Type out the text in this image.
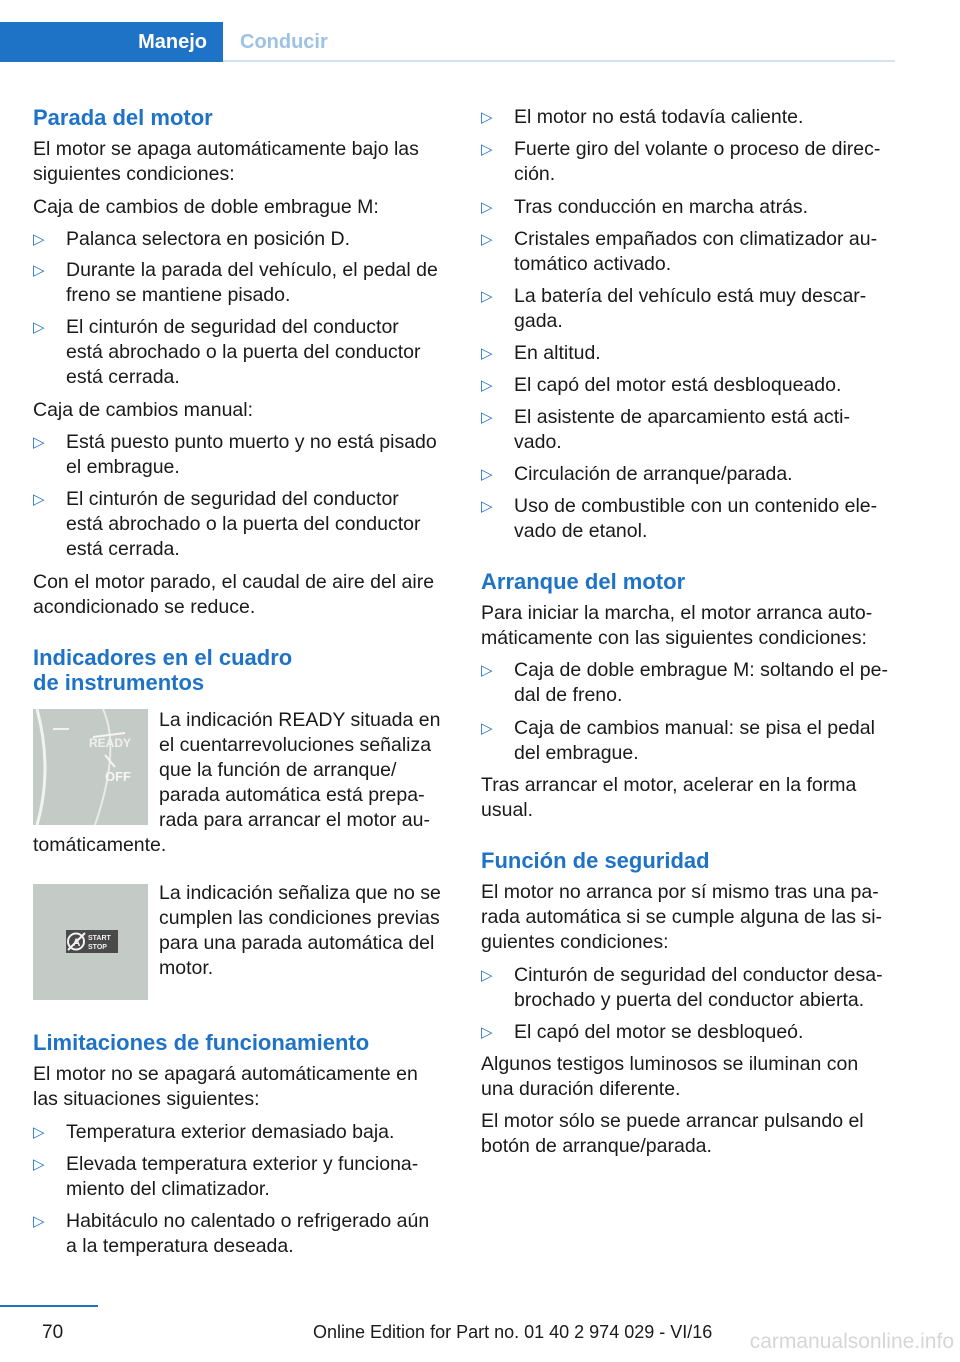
Manejo Conducir
Parada del motor
El motor se apaga automáticamente bajo las
siguientes condiciones:
Caja de cambios de doble embrague M:
▷ Palanca selectora en posición D.
▷ Durante la parada del vehículo, el pedal de
freno se mantiene pisado.
▷ El cinturón de seguridad del conductor
está abrochado o la puerta del conductor
está cerrada.
Caja de cambios manual:
▷ Está puesto punto muerto y no está pisado
el embrague.
▷ El cinturón de seguridad del conductor
está abrochado o la puerta del conductor
está cerrada.
Con el motor parado, el caudal de aire del aire
acondicionado se reduce.
Indicadores en el cuadro
de instrumentos
READY
OFF
La indicación READY situada en
el cuentarrevoluciones señaliza
que la función de arranque/
parada automática está prepa‐
rada para arrancar el motor au‐
tomáticamente.
A START
STOP
La indicación señaliza que no se
cumplen las condiciones previas
para una parada automática del
motor.
Limitaciones de funcionamiento
El motor no se apagará automáticamente en
las situaciones siguientes:
▷ Temperatura exterior demasiado baja.
▷ Elevada temperatura exterior y funciona‐
miento del climatizador.
▷ Habitáculo no calentado o refrigerado aún
a la temperatura deseada.
▷ El motor no está todavía caliente.
▷ Fuerte giro del volante o proceso de direc‐
ción.
▷ Tras conducción en marcha atrás.
▷ Cristales empañados con climatizador au‐
tomático activado.
▷ La batería del vehículo está muy descar‐
gada.
▷ En altitud.
▷ El capó del motor está desbloqueado.
▷ El asistente de aparcamiento está acti‐
vado.
▷ Circulación de arranque/parada.
▷ Uso de combustible con un contenido ele‐
vado de etanol.
Arranque del motor
Para iniciar la marcha, el motor arranca auto‐
máticamente con las siguientes condiciones:
▷ Caja de doble embrague M: soltando el pe‐
dal de freno.
▷ Caja de cambios manual: se pisa el pedal
del embrague.
Tras arrancar el motor, acelerar en la forma
usual.
Función de seguridad
El motor no arranca por sí mismo tras una pa‐
rada automática si se cumple alguna de las si‐
guientes condiciones:
▷ Cinturón de seguridad del conductor desa‐
brochado y puerta del conductor abierta.
▷ El capó del motor se desbloqueó.
Algunos testigos luminosos se iluminan con
una duración diferente.
El motor sólo se puede arrancar pulsando el
botón de arranque/parada.
70	Online Edition for Part no. 01 40 2 974 029 - VI/16 carmanualsonline.info
